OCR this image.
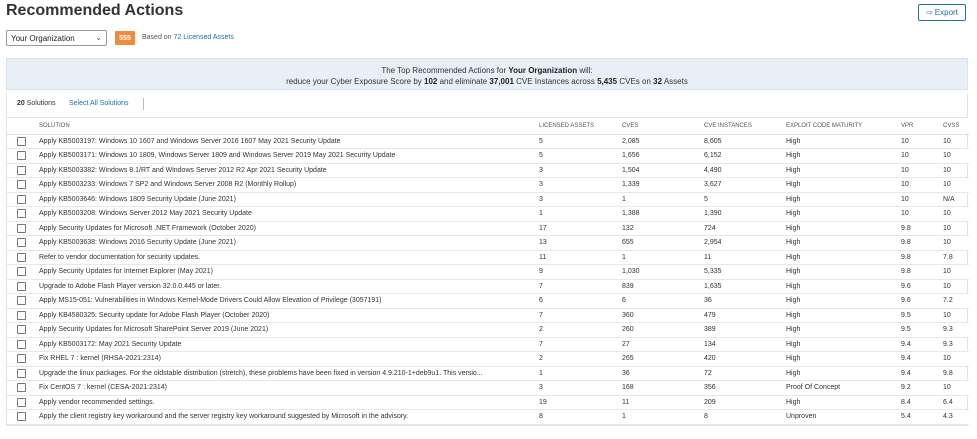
Recommended Actions	⇨ Export
Your Organization	⌄	555	Based on 72 Licensed Assets
The Top Recommended Actions for Your Organization will:
reduce your Cyber Exposure Score by 102 and eliminate 37,001 CVE Instances across 5,435 CVEs on 32 Assets
20 Solutions Select All Solutions
	SOLUTION	LICENSED ASSETS	CVES	CVE INSTANCES	EXPLOIT CODE MATURITY	VPR	CVSS
	Apply KB5003197: Windows 10 1607 and Windows Server 2016 1607 May 2021 Security Update	5	2,085	8,605	High	10	10
	Apply KB5003171: Windows 10 1809, Windows Server 1809 and Windows Server 2019 May 2021 Security Update	5	1,656	6,152	High	10	10
	Apply KB5003382: Windows 8.1/RT and Windows Server 2012 R2 Apr 2021 Security Update	3	1,504	4,490	High	10	10
	Apply KB5003233: Windows 7 SP2 and Windows Server 2008 R2 (Monthly Rollup)	3	1,339	3,627	High	10	10
	Apply KB5003646: Windows 1809 Security Update (June 2021)	3	1	5	High	10	N/A
	Apply KB5003208: Windows Server 2012 May 2021 Security Update	1	1,388	1,390	High	10	10
	Apply Security Updates for Microsoft .NET Framework (October 2020)	17	132	724	High	9.8	10
	Apply KB5003638: Windows 2016 Security Update (June 2021)	13	655	2,954	High	9.8	10
	Refer to vendor documentation for security updates.	11	1	11	High	9.8	7.8
	Apply Security Updates for Internet Explorer (May 2021)	9	1,030	5,335	High	9.8	10
	Upgrade to Adobe Flash Player version 32.0.0.445 or later.	7	839	1,635	High	9.6	10
	Apply MS15-051: Vulnerabilities in Windows Kernel-Mode Drivers Could Allow Elevation of Privilege (3057191)	6	6	36	High	9.6	7.2
	Apply KB4580325: Security update for Adobe Flash Player (October 2020)	7	360	479	High	9.5	10
	Apply Security Updates for Microsoft SharePoint Server 2019 (June 2021)	2	260	389	High	9.5	9.3
	Apply KB5003172: May 2021 Security Update	7	27	134	High	9.4	9.3
	Fix RHEL 7 : kernel (RHSA-2021:2314)	2	265	420	High	9.4	10
	Upgrade the linux packages. For the oldstable distribution (stretch), these problems have been fixed in version 4.9.210-1+deb9u1. This versio...	1	36	72	High	9.4	9.8
	Fix CentOS 7 : kernel (CESA-2021:2314)	3	168	356	Proof Of Concept	9.2	10
	Apply vendor recommended settings.	19	11	209	High	8.4	6.4
	Apply the client registry key workaround and the server registry key workaround suggested by Microsoft in the advisory.	8	1	8	Unproven	5.4	4.3
